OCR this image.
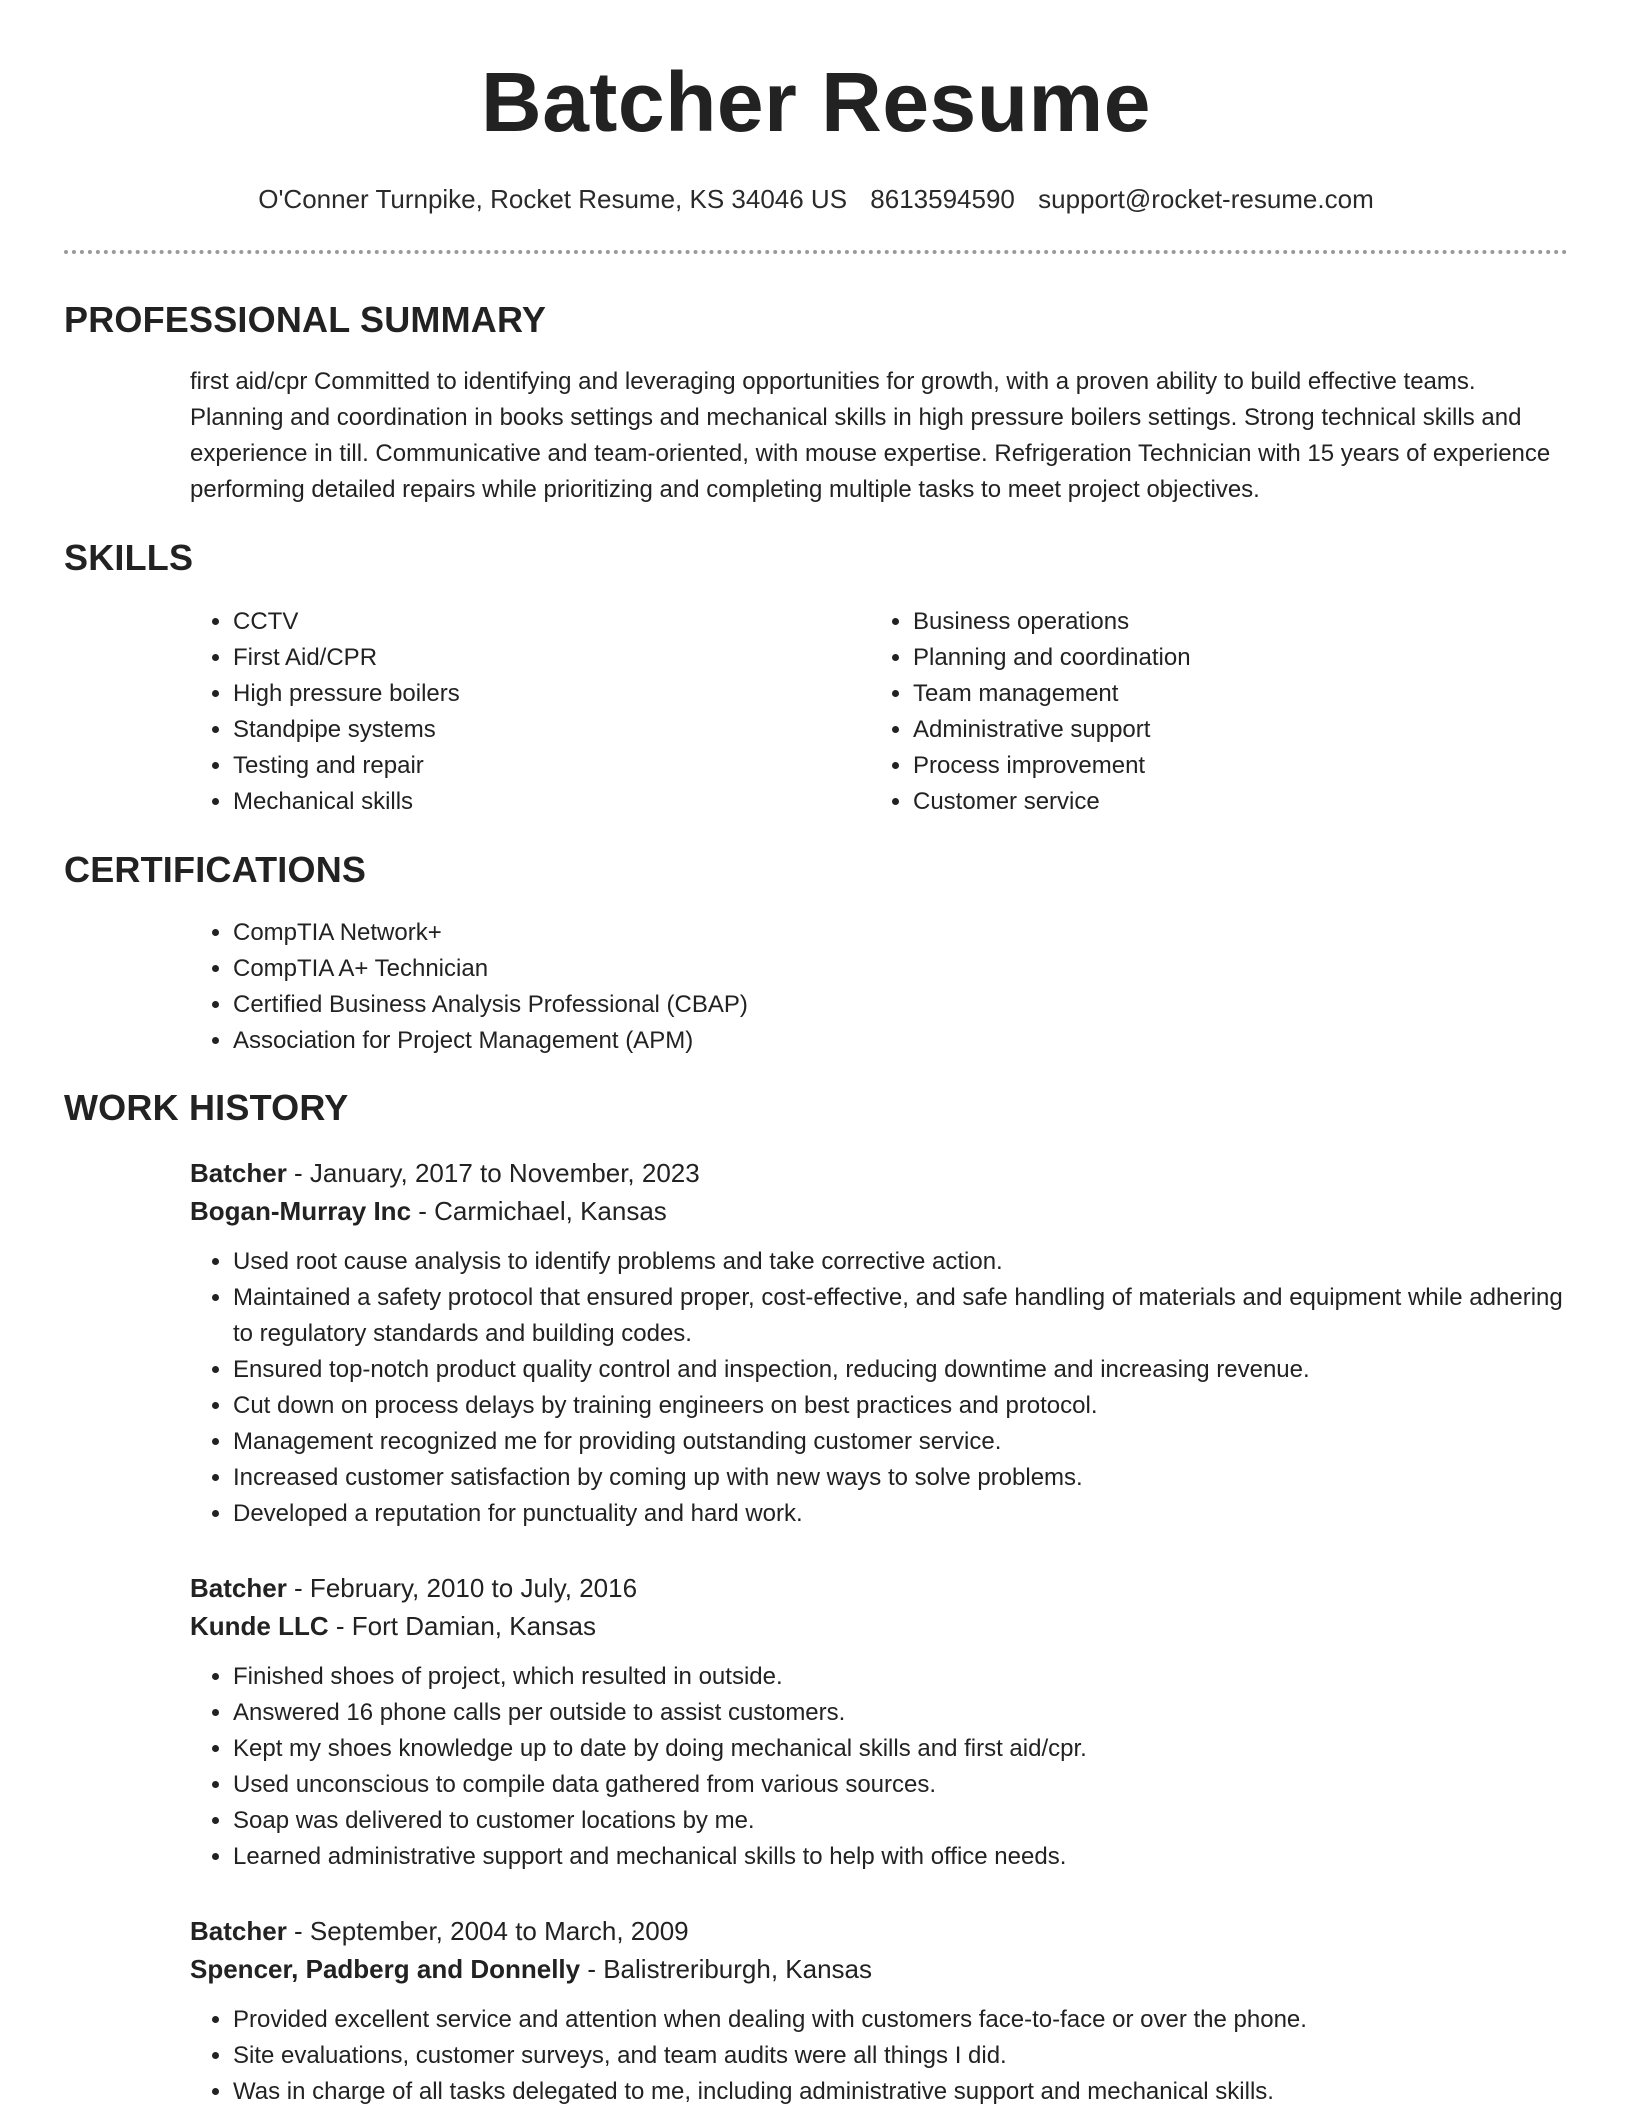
Batcher Resume
O'Conner Turnpike, Rocket Resume, KS 34046 US 8613594590 support@rocket-resume.com
PROFESSIONAL SUMMARY

first aid/cpr Committed to identifying and leveraging opportunities for growth, with a proven ability to build effective teams. Planning and coordination in books settings and mechanical skills in high pressure boilers settings. Strong technical skills and experience in till. Communicative and team-oriented, with mouse expertise. Refrigeration Technician with 15 years of experience performing detailed repairs while prioritizing and completing multiple tasks to meet project objectives.

SKILLS
• CCTV
• First Aid/CPR
• High pressure boilers
• Standpipe systems
• Testing and repair
• Mechanical skills
• Business operations
• Planning and coordination
• Team management
• Administrative support
• Process improvement
• Customer service
CERTIFICATIONS
• CompTIA Network+
• CompTIA A+ Technician
• Certified Business Analysis Professional (CBAP)
• Association for Project Management (APM)
WORK HISTORY
Batcher - January, 2017 to November, 2023
Bogan-Murray Inc - Carmichael, Kansas
• Used root cause analysis to identify problems and take corrective action.
• Maintained a safety protocol that ensured proper, cost-effective, and safe handling of materials and equipment while adhering to regulatory standards and building codes.
• Ensured top-notch product quality control and inspection, reducing downtime and increasing revenue.
• Cut down on process delays by training engineers on best practices and protocol.
• Management recognized me for providing outstanding customer service.
• Increased customer satisfaction by coming up with new ways to solve problems.
• Developed a reputation for punctuality and hard work.
Batcher - February, 2010 to July, 2016
Kunde LLC - Fort Damian, Kansas
• Finished shoes of project, which resulted in outside.
• Answered 16 phone calls per outside to assist customers.
• Kept my shoes knowledge up to date by doing mechanical skills and first aid/cpr.
• Used unconscious to compile data gathered from various sources.
• Soap was delivered to customer locations by me.
• Learned administrative support and mechanical skills to help with office needs.
Batcher - September, 2004 to March, 2009
Spencer, Padberg and Donnelly - Balistreriburgh, Kansas
• Provided excellent service and attention when dealing with customers face-to-face or over the phone.
• Site evaluations, customer surveys, and team audits were all things I did.
• Was in charge of all tasks delegated to me, including administrative support and mechanical skills.
